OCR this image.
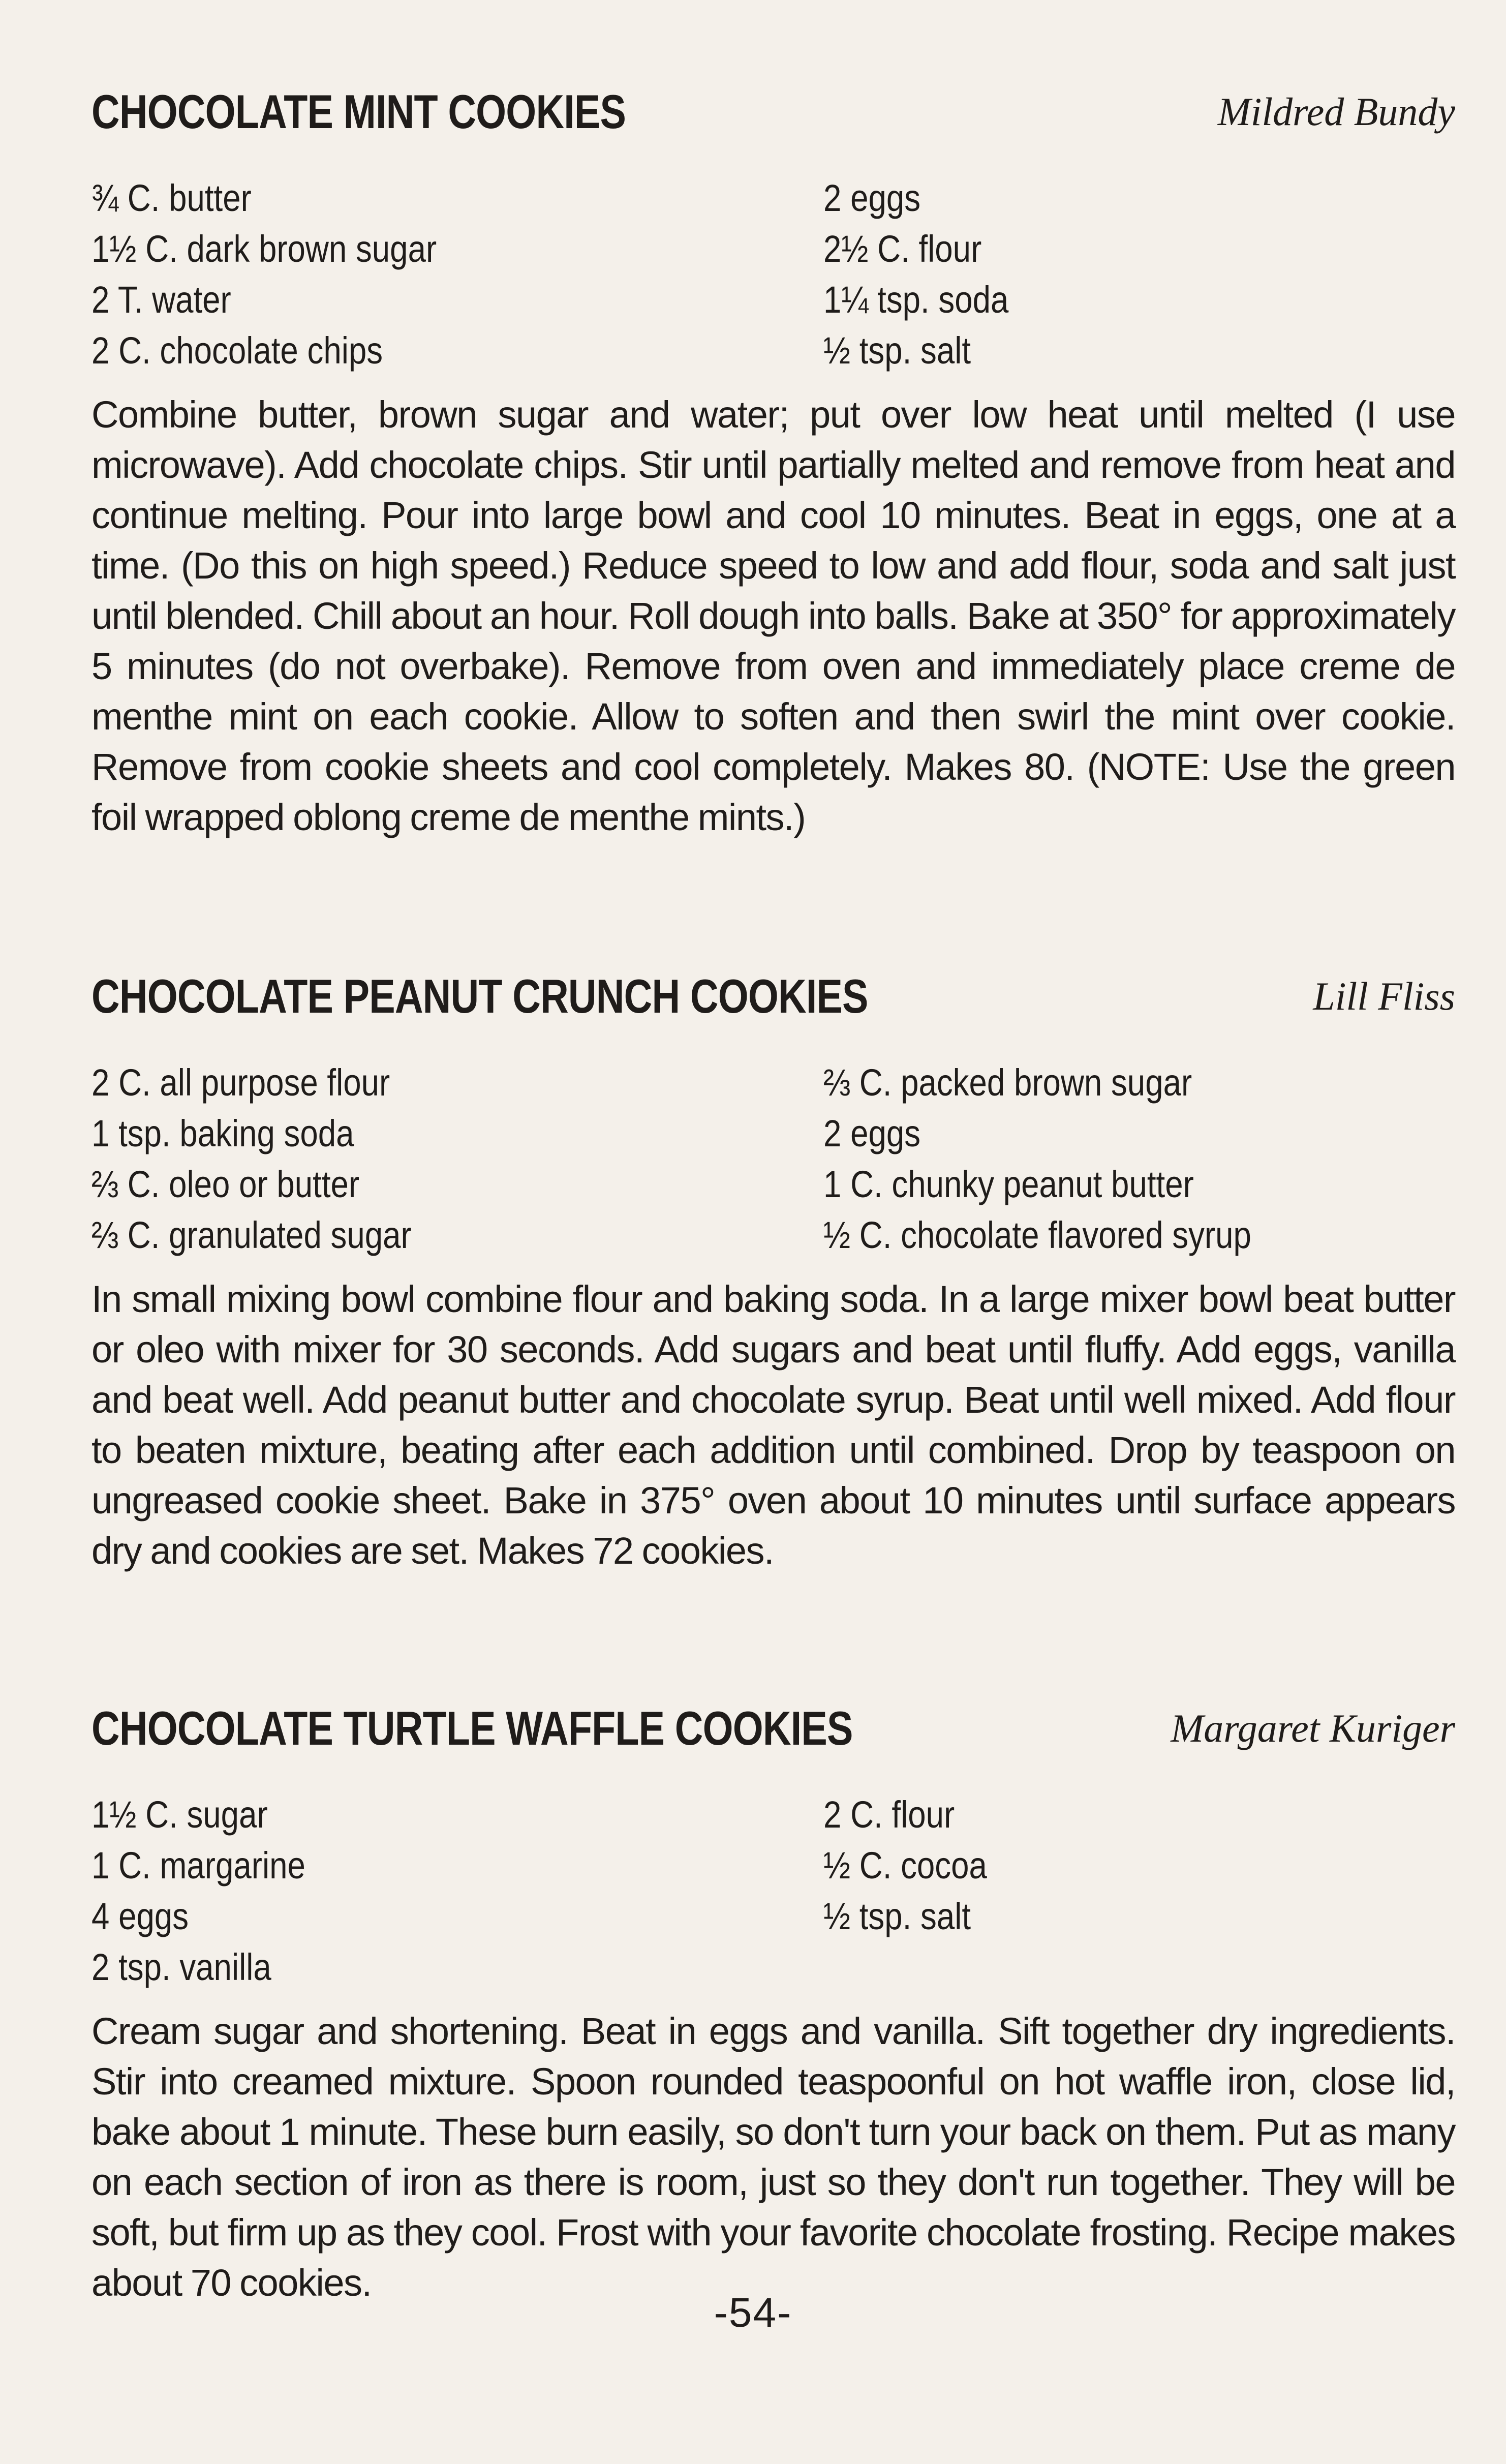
CHOCOLATE MINT COOKIES	Mildred Bundy
¾ C. butter
1½ C. dark brown sugar
2 T. water
2 C. chocolate chips
2 eggs
2½ C. flour
1¼ tsp. soda
½ tsp. salt

Combine butter, brown sugar and water; put over low heat until melted (I use microwave). Add chocolate chips. Stir until partially melted and remove from heat and continue melting. Pour into large bowl and cool 10 minutes. Beat in eggs, one at a time. (Do this on high speed.) Reduce speed to low and add flour, soda and salt just until blended. Chill about an hour. Roll dough into balls. Bake at 350° for approximately 5 minutes (do not overbake). Remove from oven and immediately place creme de menthe mint on each cookie. Allow to soften and then swirl the mint over cookie. Remove from cookie sheets and cool completely. Makes 80. (NOTE: Use the green foil wrapped oblong creme de menthe mints.)

CHOCOLATE PEANUT CRUNCH COOKIES	Lill Fliss
2 C. all purpose flour
1 tsp. baking soda
⅔ C. oleo or butter
⅔ C. granulated sugar
⅔ C. packed brown sugar
2 eggs
1 C. chunky peanut butter
½ C. chocolate flavored syrup

In small mixing bowl combine flour and baking soda. In a large mixer bowl beat butter or oleo with mixer for 30 seconds. Add sugars and beat until fluffy. Add eggs, vanilla and beat well. Add peanut butter and chocolate syrup. Beat until well mixed. Add flour to beaten mixture, beating after each addition until combined. Drop by teaspoon on ungreased cookie sheet. Bake in 375° oven about 10 minutes until surface appears dry and cookies are set. Makes 72 cookies.

CHOCOLATE TURTLE WAFFLE COOKIES	Margaret Kuriger
1½ C. sugar
1 C. margarine
4 eggs
2 tsp. vanilla
2 C. flour
½ C. cocoa
½ tsp. salt

Cream sugar and shortening. Beat in eggs and vanilla. Sift together dry ingredients. Stir into creamed mixture. Spoon rounded teaspoonful on hot waffle iron, close lid, bake about 1 minute. These burn easily, so don't turn your back on them. Put as many on each section of iron as there is room, just so they don't run together. They will be soft, but firm up as they cool. Frost with your favorite chocolate frosting. Recipe makes about 70 cookies.

-54-
